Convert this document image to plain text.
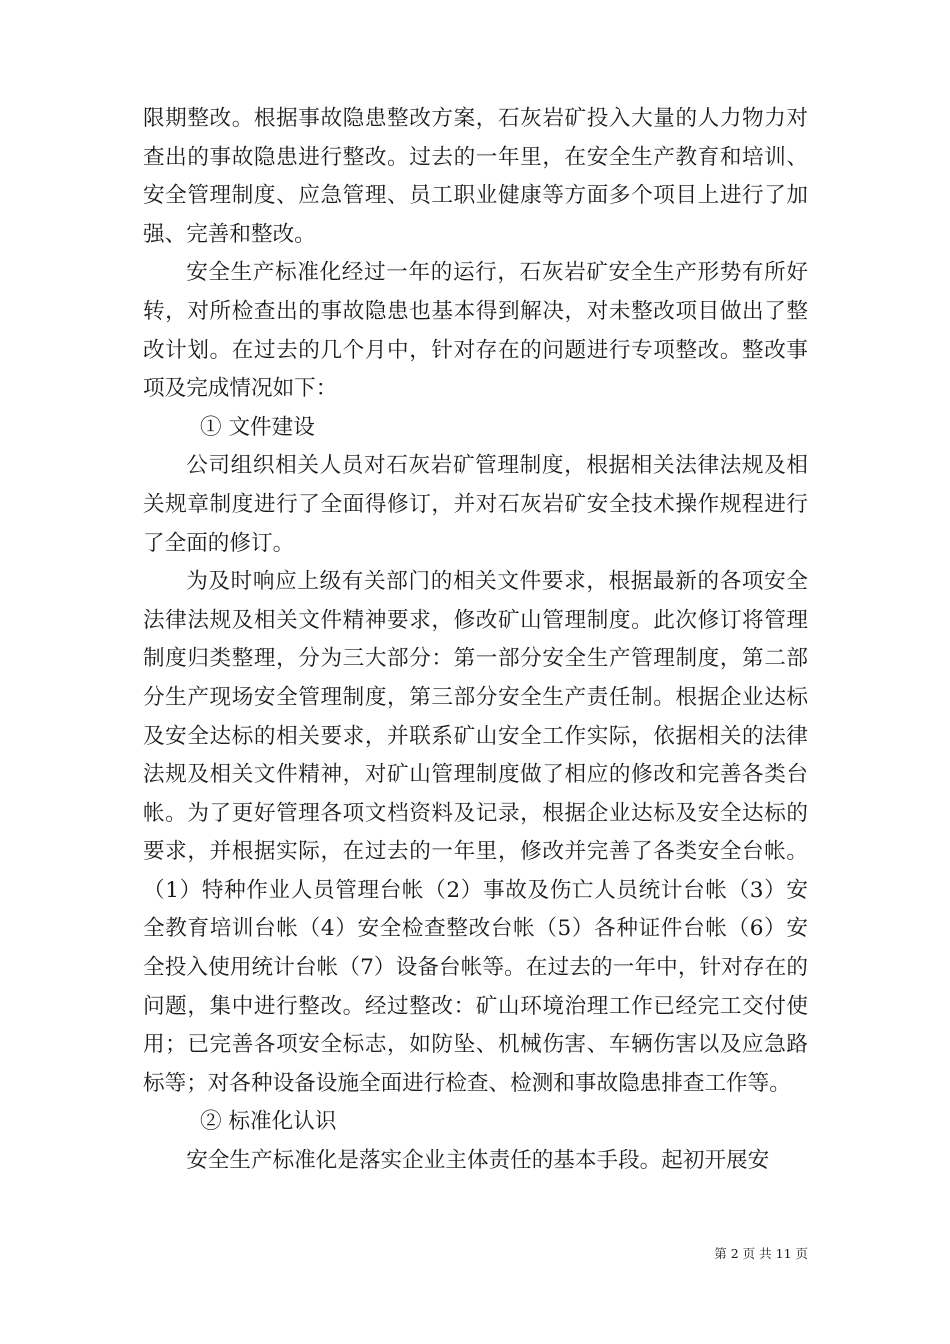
限期整改。根据事故隐患整改方案，石灰岩矿投入大量的人力物力对查出的事故隐患进行整改。过去的一年里，在安全生产教育和培训、安全管理制度、应急管理、员工职业健康等方面多个项目上进行了加强、完善和整改。

安全生产标准化经过一年的运行，石灰岩矿安全生产形势有所好转，对所检查出的事故隐患也基本得到解决，对未整改项目做出了整改计划。在过去的几个月中，针对存在的问题进行专项整改。整改事项及完成情况如下：

① 文件建设

公司组织相关人员对石灰岩矿管理制度，根据相关法律法规及相关规章制度进行了全面得修订，并对石灰岩矿安全技术操作规程进行了全面的修订。

为及时响应上级有关部门的相关文件要求，根据最新的各项安全法律法规及相关文件精神要求，修改矿山管理制度。此次修订将管理制度归类整理，分为三大部分：第一部分安全生产管理制度，第二部分生产现场安全管理制度，第三部分安全生产责任制。根据企业达标及安全达标的相关要求，并联系矿山安全工作实际，依据相关的法律法规及相关文件精神，对矿山管理制度做了相应的修改和完善各类台帐。为了更好管理各项文档资料及记录，根据企业达标及安全达标的要求，并根据实际，在过去的一年里，修改并完善了各类安全台帐。（1）特种作业人员管理台帐（2）事故及伤亡人员统计台帐（3）安全教育培训台帐（4）安全检查整改台帐（5）各种证件台帐（6）安全投入使用统计台帐（7）设备台帐等。在过去的一年中，针对存在的问题，集中进行整改。经过整改：矿山环境治理工作已经完工交付使用；已完善各项安全标志，如防坠、机械伤害、车辆伤害以及应急路标等；对各种设备设施全面进行检查、检测和事故隐患排查工作等。

② 标准化认识

安全生产标准化是落实企业主体责任的基本手段。起初开展安

第 2 页 共 11 页
